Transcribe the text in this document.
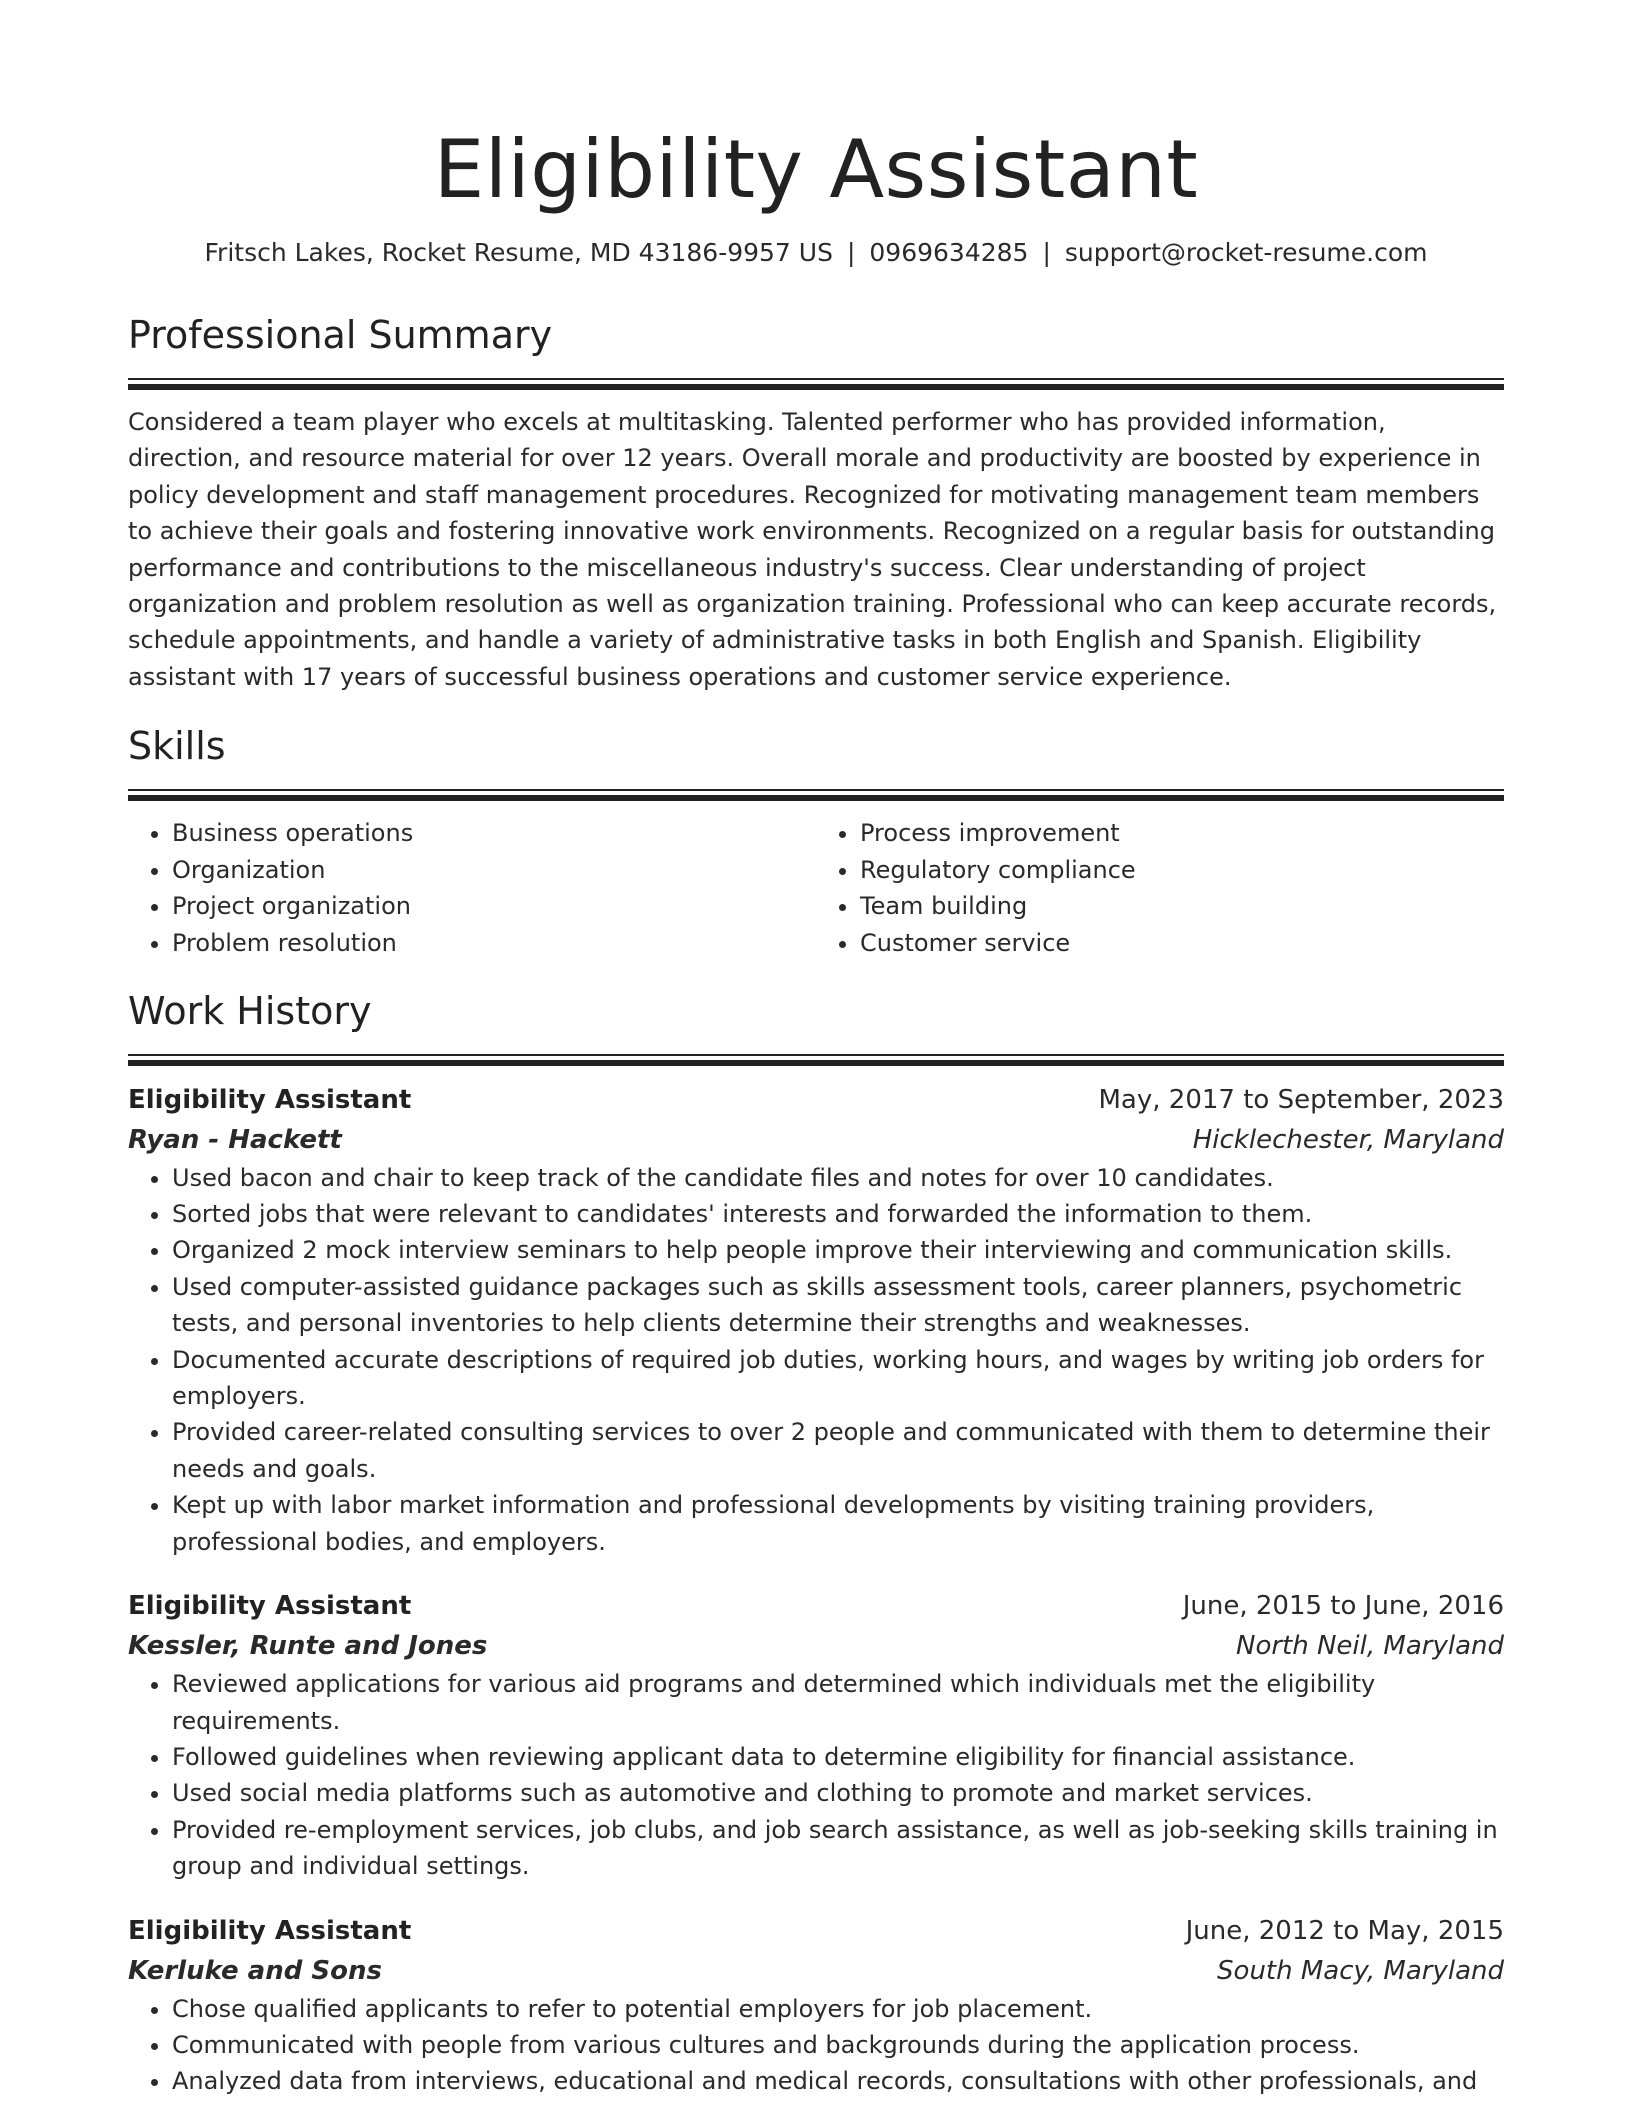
Eligibility Assistant
Fritsch Lakes, Rocket Resume, MD 43186-9957 US | 0969634285 | support@rocket-resume.com
Professional Summary

Considered a team player who excels at multitasking. Talented performer who has provided information, direction, and resource material for over 12 years. Overall morale and productivity are boosted by experience in policy development and staff management procedures. Recognized for motivating management team members to achieve their goals and fostering innovative work environments. Recognized on a regular basis for outstanding performance and contributions to the miscellaneous industry's success. Clear understanding of project organization and problem resolution as well as organization training. Professional who can keep accurate records, schedule appointments, and handle a variety of administrative tasks in both English and Spanish. Eligibility assistant with 17 years of successful business operations and customer service experience.

Skills
• Business operations
• Organization
• Project organization
• Problem resolution
• Process improvement
• Regulatory compliance
• Team building
• Customer service
Work History
Eligibility Assistant	May, 2017 to September, 2023
Ryan - Hackett	Hicklechester, Maryland
• Used bacon and chair to keep track of the candidate files and notes for over 10 candidates.
• Sorted jobs that were relevant to candidates' interests and forwarded the information to them.
• Organized 2 mock interview seminars to help people improve their interviewing and communication skills.
• Used computer-assisted guidance packages such as skills assessment tools, career planners, psychometric tests, and personal inventories to help clients determine their strengths and weaknesses.
• Documented accurate descriptions of required job duties, working hours, and wages by writing job orders for employers.
• Provided career-related consulting services to over 2 people and communicated with them to determine their needs and goals.
• Kept up with labor market information and professional developments by visiting training providers, professional bodies, and employers.
Eligibility Assistant	June, 2015 to June, 2016
Kessler, Runte and Jones	North Neil, Maryland
• Reviewed applications for various aid programs and determined which individuals met the eligibility requirements.
• Followed guidelines when reviewing applicant data to determine eligibility for financial assistance.
• Used social media platforms such as automotive and clothing to promote and market services.
• Provided re-employment services, job clubs, and job search assistance, as well as job-seeking skills training in group and individual settings.
Eligibility Assistant	June, 2012 to May, 2015
Kerluke and Sons	South Macy, Maryland
• Chose qualified applicants to refer to potential employers for job placement.
• Communicated with people from various cultures and backgrounds during the application process.
• Analyzed data from interviews, educational and medical records, consultations with other professionals, and
